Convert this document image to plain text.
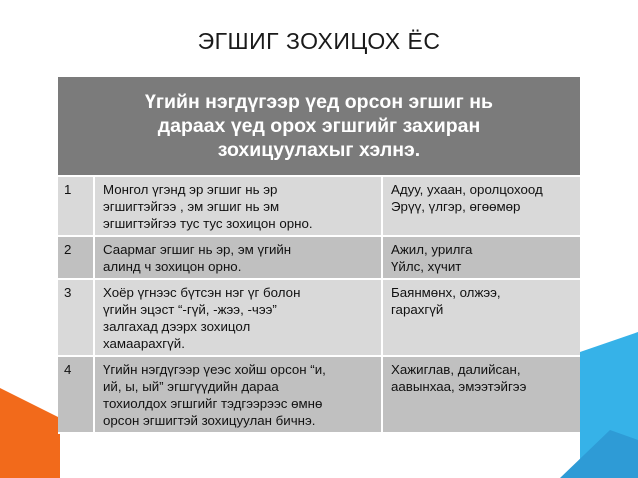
ЭГШИГ ЗОХИЦОХ ЁС
Үгийн нэгдүгээр үед орсон эгшиг нь
дараах үед орох эгшгийг захиран
зохицуулахыг хэлнэ.		

1	Монгол үгэнд эр эгшиг нь эр
эгшигтэйгээ , эм эгшиг нь эм
эгшигтэйгээ тус тус зохицон орно.	Адуу, ухаан, оролцохоод
Эрүү, үлгэр, өгөөмөр

2	Саармаг эгшиг нь эр, эм үгийн
алинд ч зохицон орно.	Ажил, урилга
Үйлс, хүчит

3	Хоёр үгнээс бүтсэн нэг үг болон
үгийн эцэст “-гүй, -жээ, -чээ”
залгахад дээрх зохицол
хамаарахгүй.	Баянмөнх, олжээ,
гарахгүй

4	Үгийн нэгдүгээр үеэс хойш орсон “и,
ий, ы, ый” эгшгүүдийн дараа
тохиолдох эгшгийг тэдгээрээс өмнө
орсон эгшигтэй зохицуулан бичнэ.	Хажиглав, далийсан,
аавынхаа, эмээтэйгээ
